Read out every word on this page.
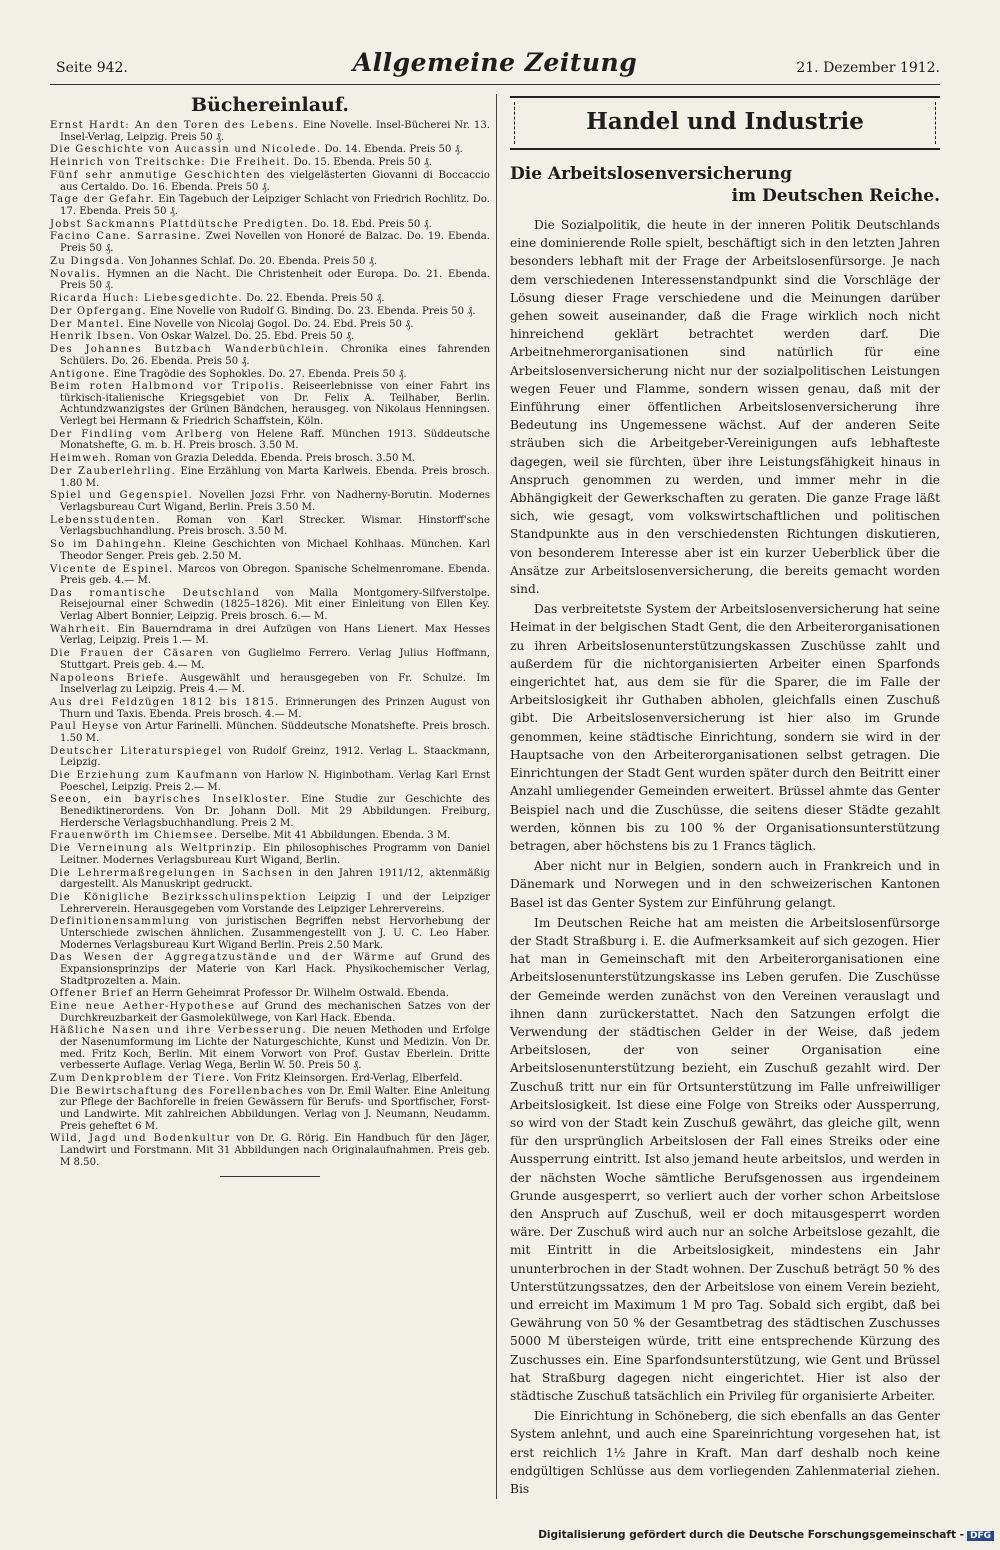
Seite 942.	Allgemeine Zeitung	21. Dezember 1912.
Büchereinlauf.

Ernst Hardt: An den Toren des Lebens. Eine Novelle. Insel-Bücherei Nr. 13. Insel-Verlag, Leipzig. Preis 50 ₰.

Die Geschichte von Aucassin und Nicolede. Do. 14. Ebenda. Preis 50 ₰.

Heinrich von Treitschke: Die Freiheit. Do. 15. Ebenda. Preis 50 ₰.

Fünf sehr anmutige Geschichten des vielgelästerten Giovanni di Boccaccio aus Certaldo. Do. 16. Ebenda. Preis 50 ₰.

Tage der Gefahr. Ein Tagebuch der Leipziger Schlacht von Friedrich Rochlitz. Do. 17. Ebenda. Preis 50 ₰.

Jobst Sackmanns Plattdütsche Predigten. Do. 18. Ebd. Preis 50 ₰.

Facino Cane. Sarrasine. Zwei Novellen von Honoré de Balzac. Do. 19. Ebenda. Preis 50 ₰.

Zu Dingsda. Von Johannes Schlaf. Do. 20. Ebenda. Preis 50 ₰.

Novalis. Hymnen an die Nacht. Die Christenheit oder Europa. Do. 21. Ebenda. Preis 50 ₰.

Ricarda Huch: Liebesgedichte. Do. 22. Ebenda. Preis 50 ₰.

Der Opfergang. Eine Novelle von Rudolf G. Binding. Do. 23. Ebenda. Preis 50 ₰.

Der Mantel. Eine Novelle von Nicolaj Gogol. Do. 24. Ebd. Preis 50 ₰.

Henrik Ibsen. Von Oskar Walzel. Do. 25. Ebd. Preis 50 ₰.

Des Johannes Butzbach Wanderbüchlein. Chronika eines fahrenden Schülers. Do. 26. Ebenda. Preis 50 ₰.

Antigone. Eine Tragödie des Sophokles. Do. 27. Ebenda. Preis 50 ₰.

Beim roten Halbmond vor Tripolis. Reiseerlebnisse von einer Fahrt ins türkisch-italienische Kriegsgebiet von Dr. Felix A. Teilhaber, Berlin. Achtundzwanzigstes der Grünen Bändchen, herausgeg. von Nikolaus Henningsen. Verlegt bei Hermann & Friedrich Schaffstein, Köln.

Der Findling vom Arlberg von Helene Raff. München 1913. Süddeutsche Monatshefte, G. m. b. H. Preis brosch. 3.50 M.

Heimweh. Roman von Grazia Deledda. Ebenda. Preis brosch. 3.50 M.

Der Zauberlehrling. Eine Erzählung von Marta Karlweis. Ebenda. Preis brosch. 1.80 M.

Spiel und Gegenspiel. Novellen Jozsi Frhr. von Nadherny-Borutin. Modernes Verlagsbureau Curt Wigand, Berlin. Preis 3.50 M.

Lebensstudenten. Roman von Karl Strecker. Wismar. Hinstorff'sche Verlagsbuchhandlung. Preis brosch. 3.50 M.

So im Dahingehn. Kleine Geschichten von Michael Kohlhaas. München. Karl Theodor Senger. Preis geb. 2.50 M.

Vicente de Espinel. Marcos von Obregon. Spanische Schelmenromane. Ebenda. Preis geb. 4.— M.

Das romantische Deutschland von Malla Montgomery-Silfverstolpe. Reisejournal einer Schwedin (1825–1826). Mit einer Einleitung von Ellen Key. Verlag Albert Bonnier, Leipzig. Preis brosch. 6.— M.

Wahrheit. Ein Bauerndrama in drei Aufzügen von Hans Lienert. Max Hesses Verlag, Leipzig. Preis 1.— M.

Die Frauen der Cäsaren von Guglielmo Ferrero. Verlag Julius Hoffmann, Stuttgart. Preis geb. 4.— M.

Napoleons Briefe. Ausgewählt und herausgegeben von Fr. Schulze. Im Inselverlag zu Leipzig. Preis 4.— M.

Aus drei Feldzügen 1812 bis 1815. Erinnerungen des Prinzen August von Thurn und Taxis. Ebenda. Preis brosch. 4.— M.

Paul Heyse von Artur Farinelli. München. Süddeutsche Monatshefte. Preis brosch. 1.50 M.

Deutscher Literaturspiegel von Rudolf Greinz, 1912. Verlag L. Staackmann, Leipzig.

Die Erziehung zum Kaufmann von Harlow N. Higinbotham. Verlag Karl Ernst Poeschel, Leipzig. Preis 2.— M.

Seeon, ein bayrisches Inselkloster. Eine Studie zur Geschichte des Benediktinerordens. Von Dr. Johann Doll. Mit 29 Abbildungen. Freiburg, Herdersche Verlagsbuchhandlung. Preis 2 M.

Frauenwörth im Chiemsee. Derselbe. Mit 41 Abbildungen. Ebenda. 3 M.

Die Verneinung als Weltprinzip. Ein philosophisches Programm von Daniel Leitner. Modernes Verlagsbureau Kurt Wigand, Berlin.

Die Lehrermaßregelungen in Sachsen in den Jahren 1911/12, aktenmäßig dargestellt. Als Manuskript gedruckt.

Die Königliche Bezirksschulinspektion Leipzig I und der Leipziger Lehrerverein. Herausgegeben vom Vorstande des Leipziger Lehrervereins.

Definitionensammlung von juristischen Begriffen nebst Hervorhebung der Unterschiede zwischen ähnlichen. Zusammengestellt von J. U. C. Leo Haber. Modernes Verlagsbureau Kurt Wigand Berlin. Preis 2.50 Mark.

Das Wesen der Aggregatzustände und der Wärme auf Grund des Expansionsprinzips der Materie von Karl Hack. Physikochemischer Verlag, Stadtprozelten a. Main.

Offener Brief an Herrn Geheimrat Professor Dr. Wilhelm Ostwald. Ebenda.

Eine neue Aether-Hypothese auf Grund des mechanischen Satzes von der Durchkreuzbarkeit der Gasmolekülwege, von Karl Hack. Ebenda.

Häßliche Nasen und ihre Verbesserung. Die neuen Methoden und Erfolge der Nasenumformung im Lichte der Naturgeschichte, Kunst und Medizin. Von Dr. med. Fritz Koch, Berlin. Mit einem Vorwort von Prof. Gustav Eberlein. Dritte verbesserte Auflage. Verlag Wega, Berlin W. 50. Preis 50 ₰.

Zum Denkproblem der Tiere. Von Fritz Kleinsorgen. Erd-Verlag, Elberfeld.

Die Bewirtschaftung des Forellenbaches von Dr. Emil Walter. Eine Anleitung zur Pflege der Bachforelle in freien Gewässern für Berufs- und Sportfischer, Forst- und Landwirte. Mit zahlreichen Abbildungen. Verlag von J. Neumann, Neudamm. Preis geheftet 6 M.

Wild, Jagd und Bodenkultur von Dr. G. Rörig. Ein Handbuch für den Jäger, Landwirt und Forstmann. Mit 31 Abbildungen nach Originalaufnahmen. Preis geb. M 8.50.

Handel und Industrie
Die Arbeitslosenversicherung
im Deutschen Reiche.

Die Sozialpolitik, die heute in der inneren Politik Deutschlands eine dominierende Rolle spielt, beschäftigt sich in den letzten Jahren besonders lebhaft mit der Frage der Arbeitslosenfürsorge. Je nach dem verschiedenen Interessenstandpunkt sind die Vorschläge der Lösung dieser Frage verschiedene und die Meinungen darüber gehen soweit auseinander, daß die Frage wirklich noch nicht hinreichend geklärt betrachtet werden darf. Die Arbeitnehmerorganisationen sind natürlich für eine Arbeitslosenversicherung nicht nur der sozialpolitischen Leistungen wegen Feuer und Flamme, sondern wissen genau, daß mit der Einführung einer öffentlichen Arbeitslosenversicherung ihre Bedeutung ins Ungemessene wächst. Auf der anderen Seite sträuben sich die Arbeitgeber-Vereinigungen aufs lebhafteste dagegen, weil sie fürchten, über ihre Leistungsfähigkeit hinaus in Anspruch genommen zu werden, und immer mehr in die Abhängigkeit der Gewerkschaften zu geraten. Die ganze Frage läßt sich, wie gesagt, vom volkswirtschaftlichen und politischen Standpunkte aus in den verschiedensten Richtungen diskutieren, von besonderem Interesse aber ist ein kurzer Ueberblick über die Ansätze zur Arbeitslosenversicherung, die bereits gemacht worden sind.

Das verbreitetste System der Arbeitslosenversicherung hat seine Heimat in der belgischen Stadt Gent, die den Arbeiterorganisationen zu ihren Arbeitslosenunterstützungskassen Zuschüsse zahlt und außerdem für die nichtorganisierten Arbeiter einen Sparfonds eingerichtet hat, aus dem sie für die Sparer, die im Falle der Arbeitslosigkeit ihr Guthaben abholen, gleichfalls einen Zuschuß gibt. Die Arbeitslosenversicherung ist hier also im Grunde genommen, keine städtische Einrichtung, sondern sie wird in der Hauptsache von den Arbeiterorganisationen selbst getragen. Die Einrichtungen der Stadt Gent wurden später durch den Beitritt einer Anzahl umliegender Gemeinden erweitert. Brüssel ahmte das Genter Beispiel nach und die Zuschüsse, die seitens dieser Städte gezahlt werden, können bis zu 100 % der Organisationsunterstützung betragen, aber höchstens bis zu 1 Francs täglich.

Aber nicht nur in Belgien, sondern auch in Frankreich und in Dänemark und Norwegen und in den schweizerischen Kantonen Basel ist das Genter System zur Einführung gelangt.

Im Deutschen Reiche hat am meisten die Arbeitslosenfürsorge der Stadt Straßburg i. E. die Aufmerksamkeit auf sich gezogen. Hier hat man in Gemeinschaft mit den Arbeiterorganisationen eine Arbeitslosenunterstützungskasse ins Leben gerufen. Die Zuschüsse der Gemeinde werden zunächst von den Vereinen verauslagt und ihnen dann zurückerstattet. Nach den Satzungen erfolgt die Verwendung der städtischen Gelder in der Weise, daß jedem Arbeitslosen, der von seiner Organisation eine Arbeitslosenunterstützung bezieht, ein Zuschuß gezahlt wird. Der Zuschuß tritt nur ein für Ortsunterstützung im Falle unfreiwilliger Arbeitslosigkeit. Ist diese eine Folge von Streiks oder Aussperrung, so wird von der Stadt kein Zuschuß gewährt, das gleiche gilt, wenn für den ursprünglich Arbeitslosen der Fall eines Streiks oder eine Aussperrung eintritt. Ist also jemand heute arbeitslos, und werden in der nächsten Woche sämtliche Berufsgenossen aus irgendeinem Grunde ausgesperrt, so verliert auch der vorher schon Arbeitslose den Anspruch auf Zuschuß, weil er doch mitausgesperrt worden wäre. Der Zuschuß wird auch nur an solche Arbeitslose gezahlt, die mit Eintritt in die Arbeitslosigkeit, mindestens ein Jahr ununterbrochen in der Stadt wohnen. Der Zuschuß beträgt 50 % des Unterstützungssatzes, den der Arbeitslose von einem Verein bezieht, und erreicht im Maximum 1 M pro Tag. Sobald sich ergibt, daß bei Gewährung von 50 % der Gesamtbetrag des städtischen Zuschusses 5000 M übersteigen würde, tritt eine entsprechende Kürzung des Zuschusses ein. Eine Sparfondsunterstützung, wie Gent und Brüssel hat Straßburg dagegen nicht eingerichtet. Hier ist also der städtische Zuschuß tatsächlich ein Privileg für organisierte Arbeiter.

Die Einrichtung in Schöneberg, die sich ebenfalls an das Genter System anlehnt, und auch eine Spareinrichtung vorgesehen hat, ist erst reichlich 1½ Jahre in Kraft. Man darf deshalb noch keine endgültigen Schlüsse aus dem vorliegenden Zahlenmaterial ziehen. Bis

Digitalisierung gefördert durch die Deutsche Forschungsgemeinschaft - DFG
